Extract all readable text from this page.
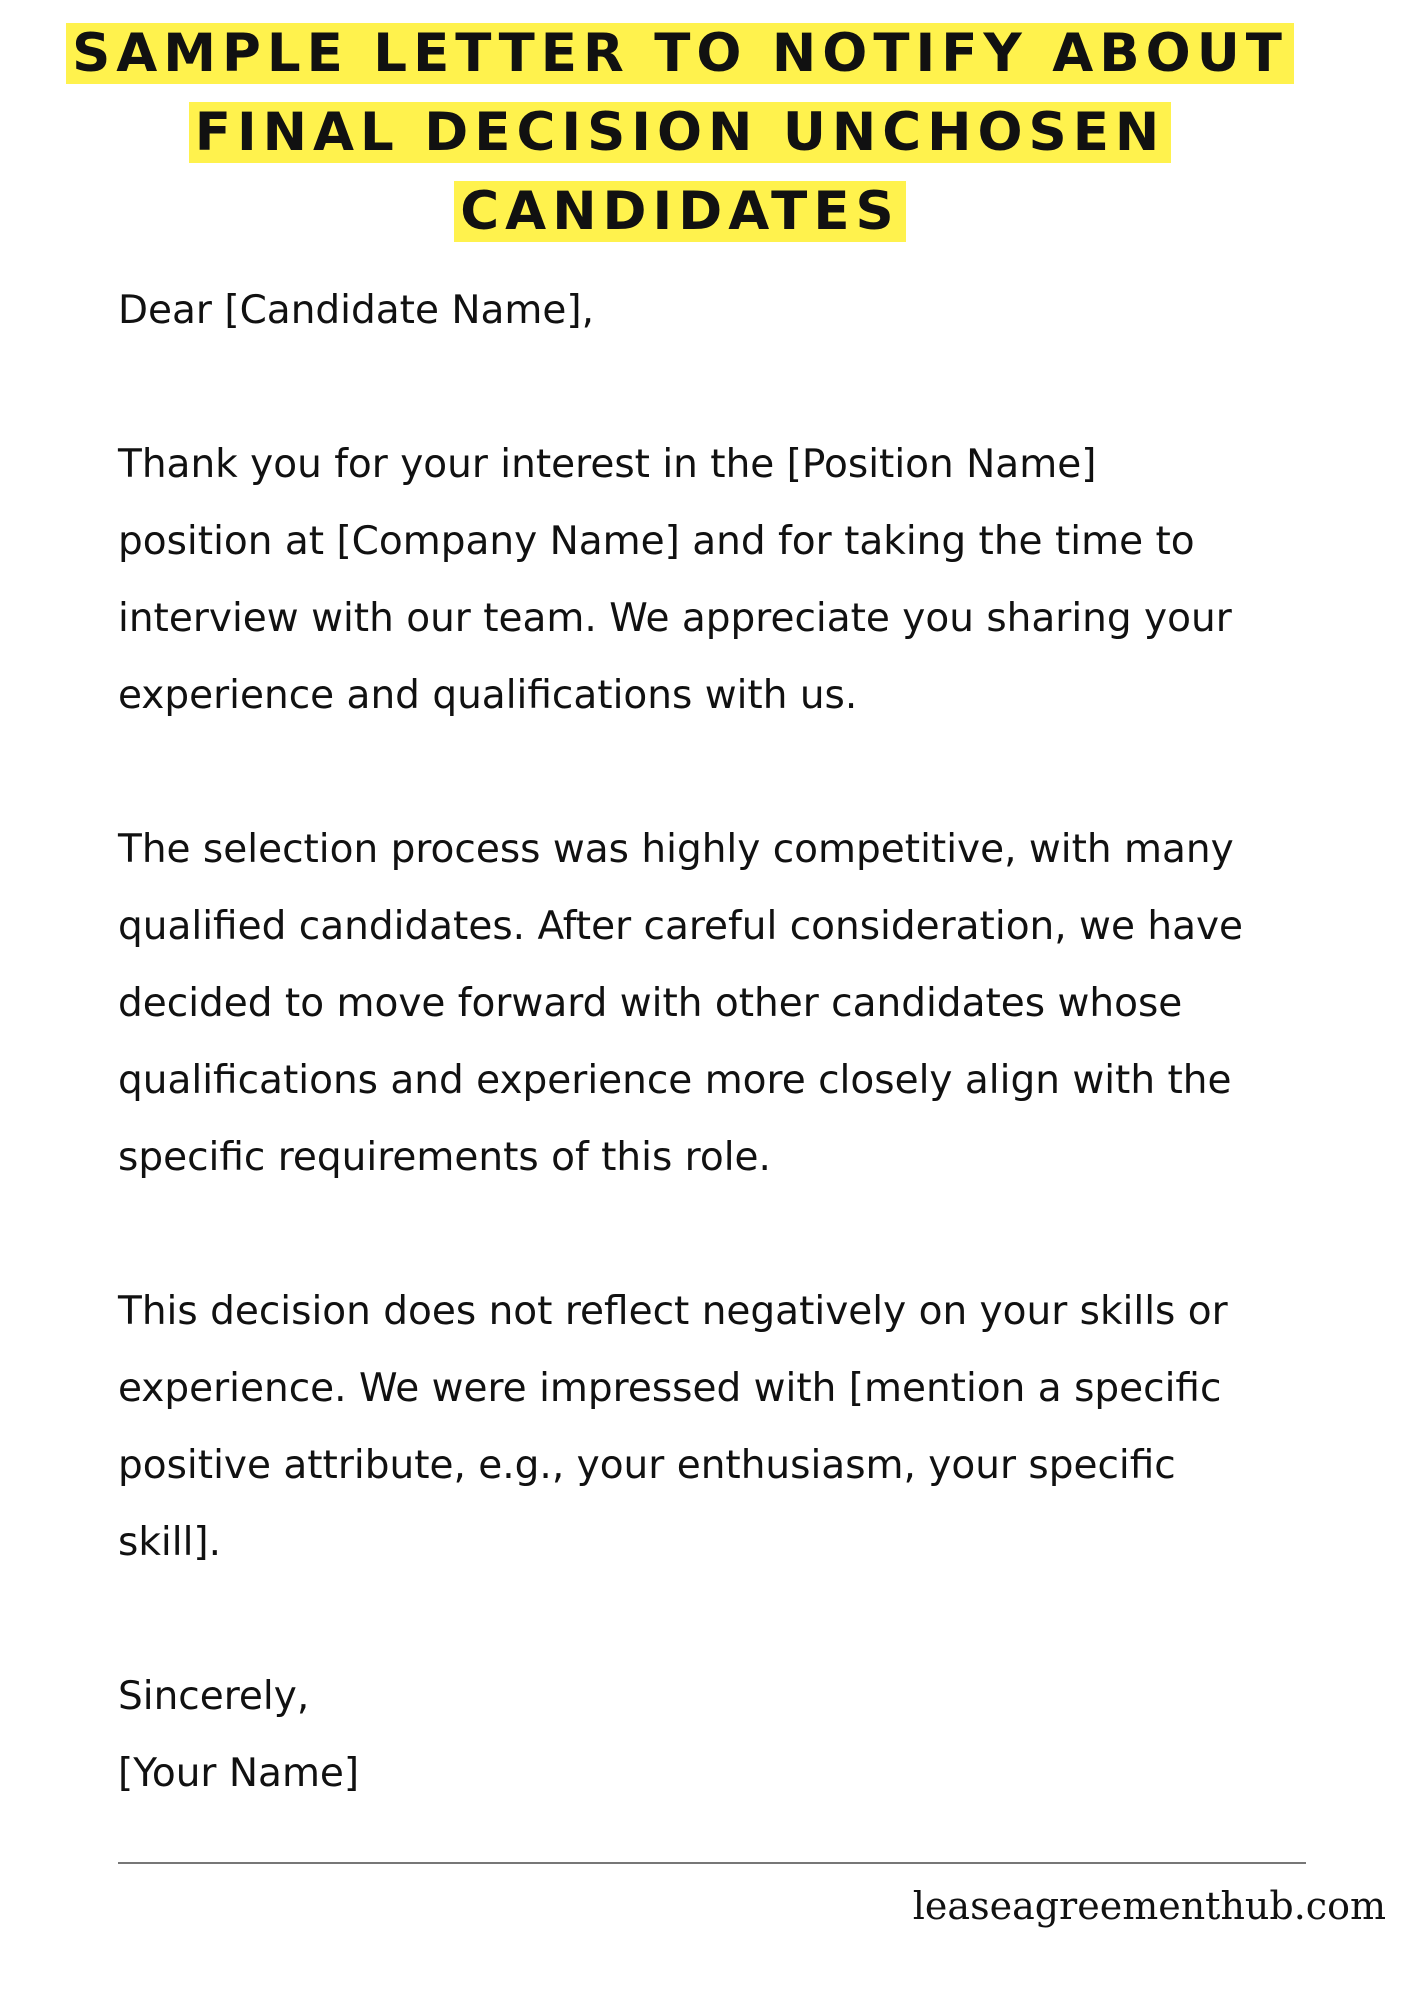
SAMPLE LETTER TO NOTIFY ABOUT
FINAL DECISION UNCHOSEN
CANDIDATES

Dear [Candidate Name],

Thank you for your interest in the [Position Name]

position at [Company Name] and for taking the time to

interview with our team. We appreciate you sharing your

experience and qualifications with us.

The selection process was highly competitive, with many

qualified candidates. After careful consideration, we have

decided to move forward with other candidates whose

qualifications and experience more closely align with the

specific requirements of this role.

This decision does not reflect negatively on your skills or

experience. We were impressed with [mention a specific

positive attribute, e.g., your enthusiasm, your specific

skill].

Sincerely,

[Your Name]

leaseagreementhub.com
